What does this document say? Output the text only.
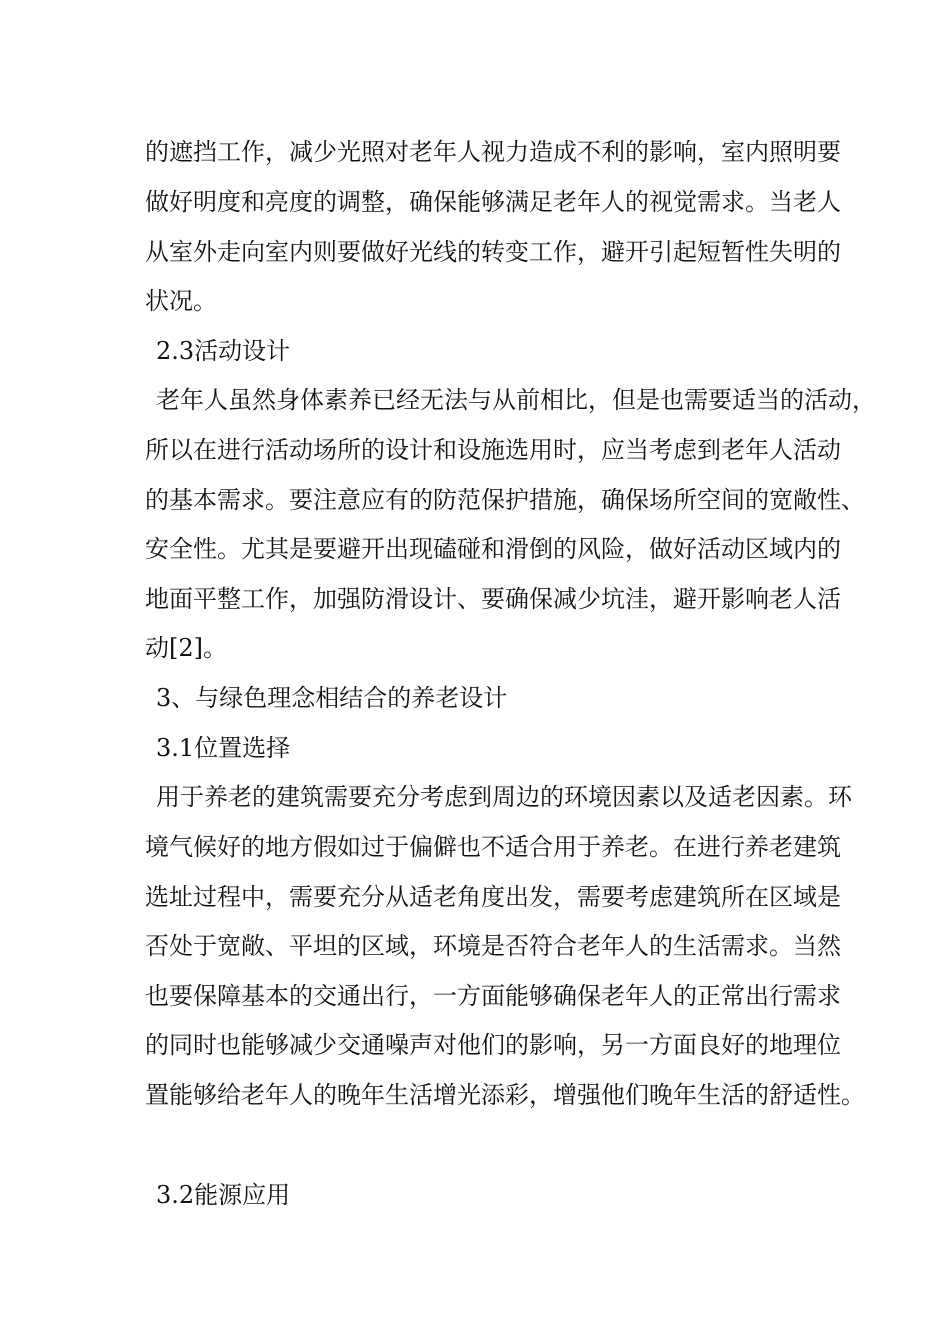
的遮挡工作，减少光照对老年人视力造成不利的影响，室内照明要
做好明度和亮度的调整，确保能够满足老年人的视觉需求。当老人
从室外走向室内则要做好光线的转变工作，避开引起短暂性失明的
状况。
2.3活动设计
老年人虽然身体素养已经无法与从前相比，但是也需要适当的活动，
所以在进行活动场所的设计和设施选用时，应当考虑到老年人活动
的基本需求。要注意应有的防范保护措施，确保场所空间的宽敞性、
安全性。尤其是要避开出现磕碰和滑倒的风险，做好活动区域内的
地面平整工作，加强防滑设计、要确保减少坑洼，避开影响老人活
动[2]。
3、与绿色理念相结合的养老设计
3.1位置选择
用于养老的建筑需要充分考虑到周边的环境因素以及适老因素。环
境气候好的地方假如过于偏僻也不适合用于养老。在进行养老建筑
选址过程中，需要充分从适老角度出发，需要考虑建筑所在区域是
否处于宽敞、平坦的区域，环境是否符合老年人的生活需求。当然
也要保障基本的交通出行，一方面能够确保老年人的正常出行需求
的同时也能够减少交通噪声对他们的影响，另一方面良好的地理位
置能够给老年人的晚年生活增光添彩，增强他们晚年生活的舒适性。
3.2能源应用
